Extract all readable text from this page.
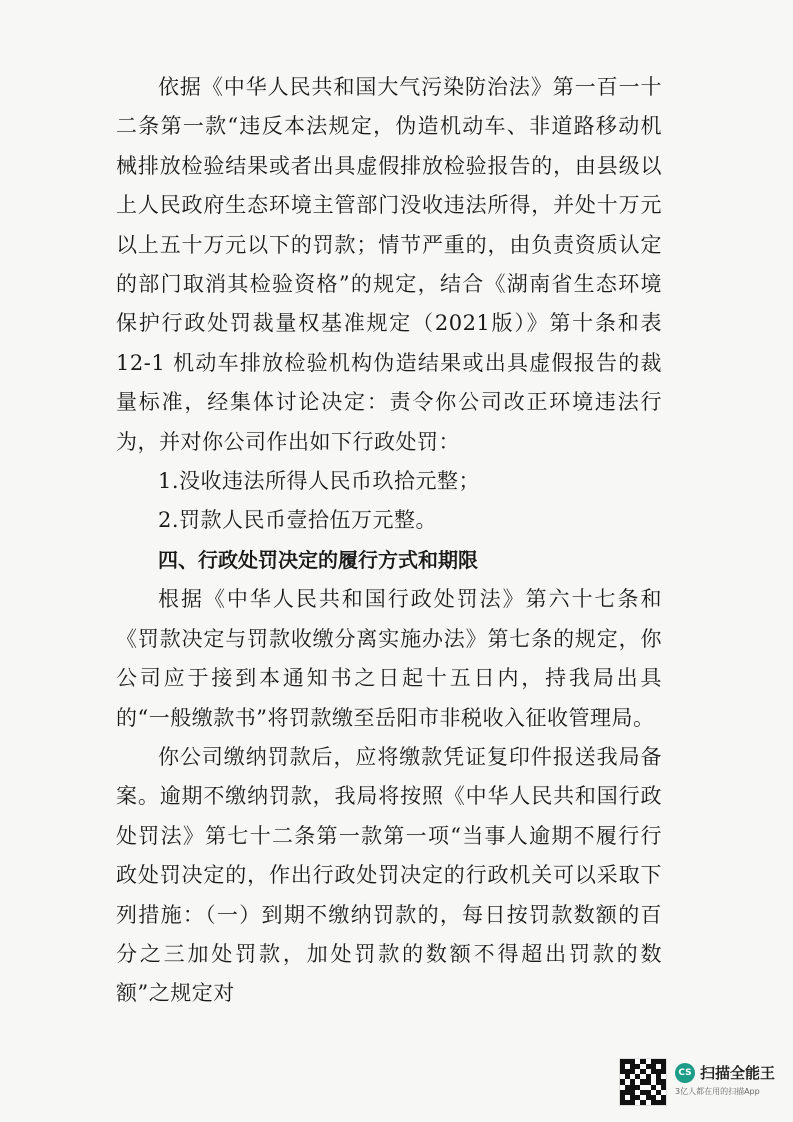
依据《中华人民共和国大气污染防治法》第一百一十二条第一款“违反本法规定，伪造机动车、非道路移动机械排放检验结果或者出具虚假排放检验报告的，由县级以上人民政府生态环境主管部门没收违法所得，并处十万元以上五十万元以下的罚款；情节严重的，由负责资质认定的部门取消其检验资格”的规定，结合《湖南省生态环境保护行政处罚裁量权基准规定（2021版）》第十条和表12-1 机动车排放检验机构伪造结果或出具虚假报告的裁量标准，经集体讨论决定：责令你公司改正环境违法行为，并对你公司作出如下行政处罚：

1.没收违法所得人民币玖拾元整；

2.罚款人民币壹拾伍万元整。

四、行政处罚决定的履行方式和期限

根据《中华人民共和国行政处罚法》第六十七条和《罚款决定与罚款收缴分离实施办法》第七条的规定，你公司应于接到本通知书之日起十五日内，持我局出具的“一般缴款书”将罚款缴至岳阳市非税收入征收管理局。

你公司缴纳罚款后，应将缴款凭证复印件报送我局备案。逾期不缴纳罚款，我局将按照《中华人民共和国行政处罚法》第七十二条第一款第一项“当事人逾期不履行行政处罚决定的，作出行政处罚决定的行政机关可以采取下列措施：（一）到期不缴纳罚款的，每日按罚款数额的百分之三加处罚款，加处罚款的数额不得超出罚款的数额”之规定对

CS 扫描全能王
3亿人都在用的扫描App
